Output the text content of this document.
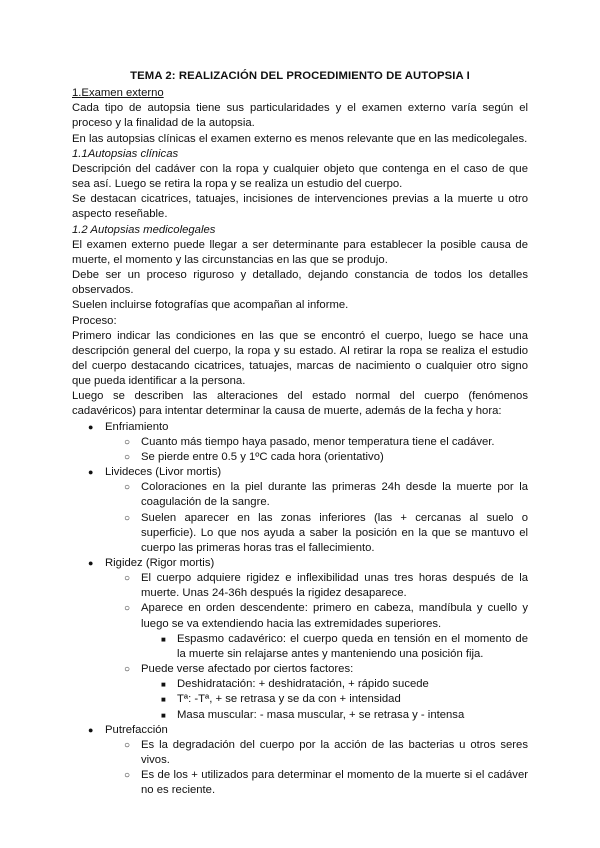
TEMA 2: REALIZACIÓN DEL PROCEDIMIENTO DE AUTOPSIA I
1.Examen externo
Cada tipo de autopsia tiene sus particularidades y el examen externo varía según el proceso y la finalidad de la autopsia.
En las autopsias clínicas el examen externo es menos relevante que en las medicolegales.
1.1Autopsias clínicas
Descripción del cadáver con la ropa y cualquier objeto que contenga en el caso de que sea así. Luego se retira la ropa y se realiza un estudio del cuerpo.
Se destacan cicatrices, tatuajes, incisiones de intervenciones previas a la muerte u otro aspecto reseñable.
1.2 Autopsias medicolegales
El examen externo puede llegar a ser determinante para establecer la posible causa de muerte, el momento y las circunstancias en las que se produjo.
Debe ser un proceso riguroso y detallado, dejando constancia de todos los detalles observados.
Suelen incluirse fotografías que acompañan al informe.
Proceso:
Primero indicar las condiciones en las que se encontró el cuerpo, luego se hace una descripción general del cuerpo, la ropa y su estado. Al retirar la ropa se realiza el estudio del cuerpo destacando cicatrices, tatuajes, marcas de nacimiento o cualquier otro signo que pueda identificar a la persona.
Luego se describen las alteraciones del estado normal del cuerpo (fenómenos cadavéricos) para intentar determinar la causa de muerte, además de la fecha y hora:
● Enfriamiento
○ Cuanto más tiempo haya pasado, menor temperatura tiene el cadáver.
○ Se pierde entre 0.5 y 1ºC cada hora (orientativo)
● Livideces (Livor mortis)
○ Coloraciones en la piel durante las primeras 24h desde la muerte por la coagulación de la sangre.
○ Suelen aparecer en las zonas inferiores (las + cercanas al suelo o superficie). Lo que nos ayuda a saber la posición en la que se mantuvo el cuerpo las primeras horas tras el fallecimiento.
● Rigidez (Rigor mortis)
○ El cuerpo adquiere rigidez e inflexibilidad unas tres horas después de la muerte. Unas 24-36h después la rigidez desaparece.
○ Aparece en orden descendente: primero en cabeza, mandíbula y cuello y luego se va extendiendo hacia las extremidades superiores.
■ Espasmo cadavérico: el cuerpo queda en tensión en el momento de la muerte sin relajarse antes y manteniendo una posición fija.
○ Puede verse afectado por ciertos factores:
■ Deshidratación: + deshidratación, + rápido sucede
■ Tª: -Tª, + se retrasa y se da con + intensidad
■ Masa muscular: - masa muscular, + se retrasa y - intensa
● Putrefacción
○ Es la degradación del cuerpo por la acción de las bacterias u otros seres vivos.
○ Es de los + utilizados para determinar el momento de la muerte si el cadáver no es reciente.
